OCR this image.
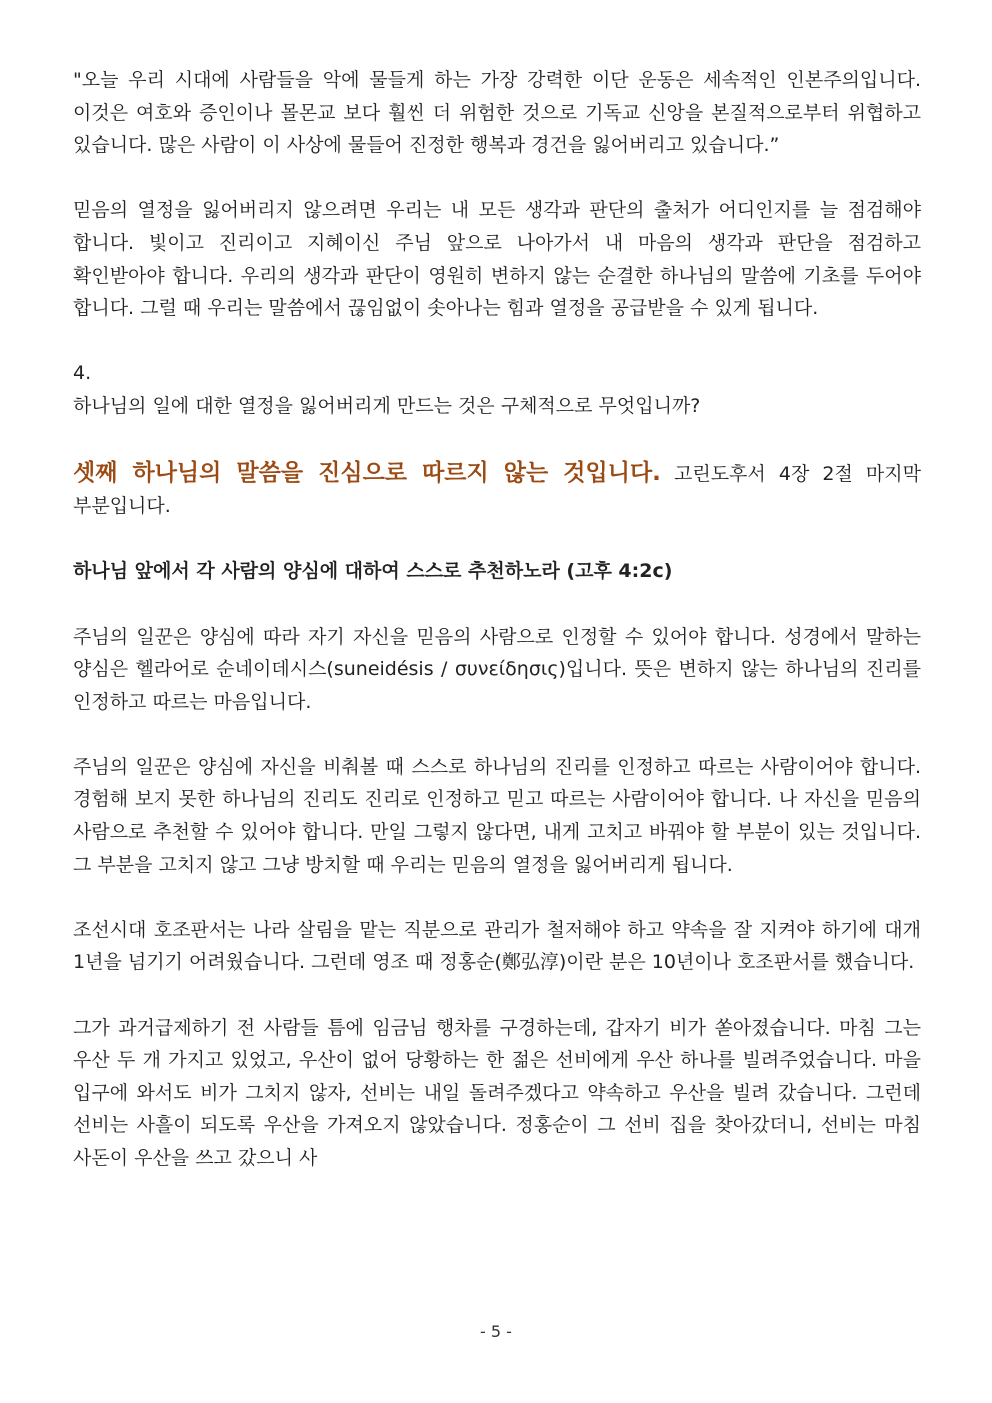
"오늘 우리 시대에 사람들을 악에 물들게 하는 가장 강력한 이단 운동은 세속적인 인본주의입니다. 이것은 여호와 증인이나 몰몬교 보다 훨씬 더 위험한 것으로 기독교 신앙을 본질적으로부터 위협하고 있습니다. 많은 사람이 이 사상에 물들어 진정한 행복과 경건을 잃어버리고 있습니다.”

믿음의 열정을 잃어버리지 않으려면 우리는 내 모든 생각과 판단의 출처가 어디인지를 늘 점검해야 합니다. 빛이고 진리이고 지혜이신 주님 앞으로 나아가서 내 마음의 생각과 판단을 점검하고 확인받아야 합니다. 우리의 생각과 판단이 영원히 변하지 않는 순결한 하나님의 말씀에 기초를 두어야 합니다. 그럴 때 우리는 말씀에서 끊임없이 솟아나는 힘과 열정을 공급받을 수 있게 됩니다.

4.

하나님의 일에 대한 열정을 잃어버리게 만드는 것은 구체적으로 무엇입니까?

셋째 하나님의 말씀을 진심으로 따르지 않는 것입니다. 고린도후서 4장 2절 마지막 부분입니다.

하나님 앞에서 각 사람의 양심에 대하여 스스로 추천하노라 (고후 4:2c)

주님의 일꾼은 양심에 따라 자기 자신을 믿음의 사람으로 인정할 수 있어야 합니다. 성경에서 말하는 양심은 헬라어로 순네이데시스(suneidésis / συνείδησις)입니다. 뜻은 변하지 않는 하나님의 진리를 인정하고 따르는 마음입니다.

주님의 일꾼은 양심에 자신을 비춰볼 때 스스로 하나님의 진리를 인정하고 따르는 사람이어야 합니다. 경험해 보지 못한 하나님의 진리도 진리로 인정하고 믿고 따르는 사람이어야 합니다. 나 자신을 믿음의 사람으로 추천할 수 있어야 합니다. 만일 그렇지 않다면, 내게 고치고 바꿔야 할 부분이 있는 것입니다. 그 부분을 고치지 않고 그냥 방치할 때 우리는 믿음의 열정을 잃어버리게 됩니다.

조선시대 호조판서는 나라 살림을 맡는 직분으로 관리가 철저해야 하고 약속을 잘 지켜야 하기에 대개 1년을 넘기기 어려웠습니다. 그런데 영조 때 정홍순(鄭弘淳)이란 분은 10년이나 호조판서를 했습니다.

그가 과거급제하기 전 사람들 틈에 임금님 행차를 구경하는데, 갑자기 비가 쏟아졌습니다. 마침 그는 우산 두 개 가지고 있었고, 우산이 없어 당황하는 한 젊은 선비에게 우산 하나를 빌려주었습니다. 마을 입구에 와서도 비가 그치지 않자, 선비는 내일 돌려주겠다고 약속하고 우산을 빌려 갔습니다. 그런데 선비는 사흘이 되도록 우산을 가져오지 않았습니다. 정홍순이 그 선비 집을 찾아갔더니, 선비는 마침 사돈이 우산을 쓰고 갔으니 사

- 5 -
